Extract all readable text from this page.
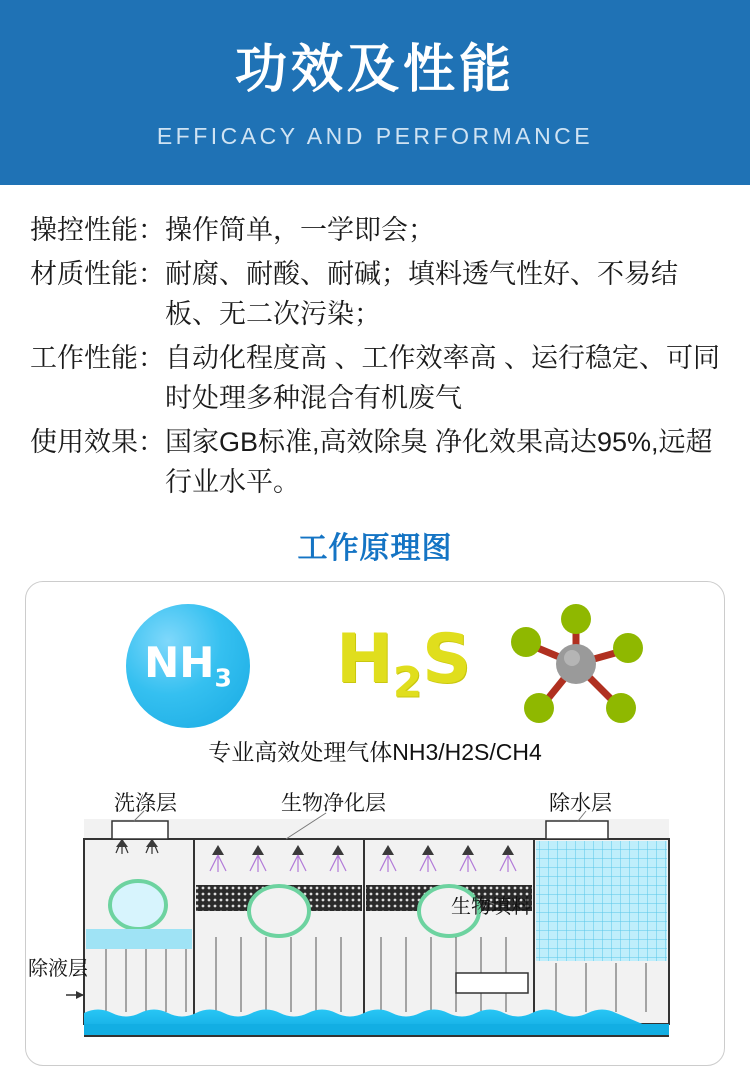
功效及性能
EFFICACY AND PERFORMANCE
操控性能： 操作简单，一学即会；
材质性能： 耐腐、耐酸、耐碱；填料透气性好、不易结板、无二次污染；
工作性能： 自动化程度高 、工作效率高 、运行稳定、可同时处理多种混合有机废气
使用效果： 国家GB标准,高效除臭 净化效果高达95%,远超行业水平。
工作原理图
$NH_3$ $H_2S$
专业高效处理气体NH3/H2S/CH4
洗涤层	生物净化层	除水层
生物填料
除液层
